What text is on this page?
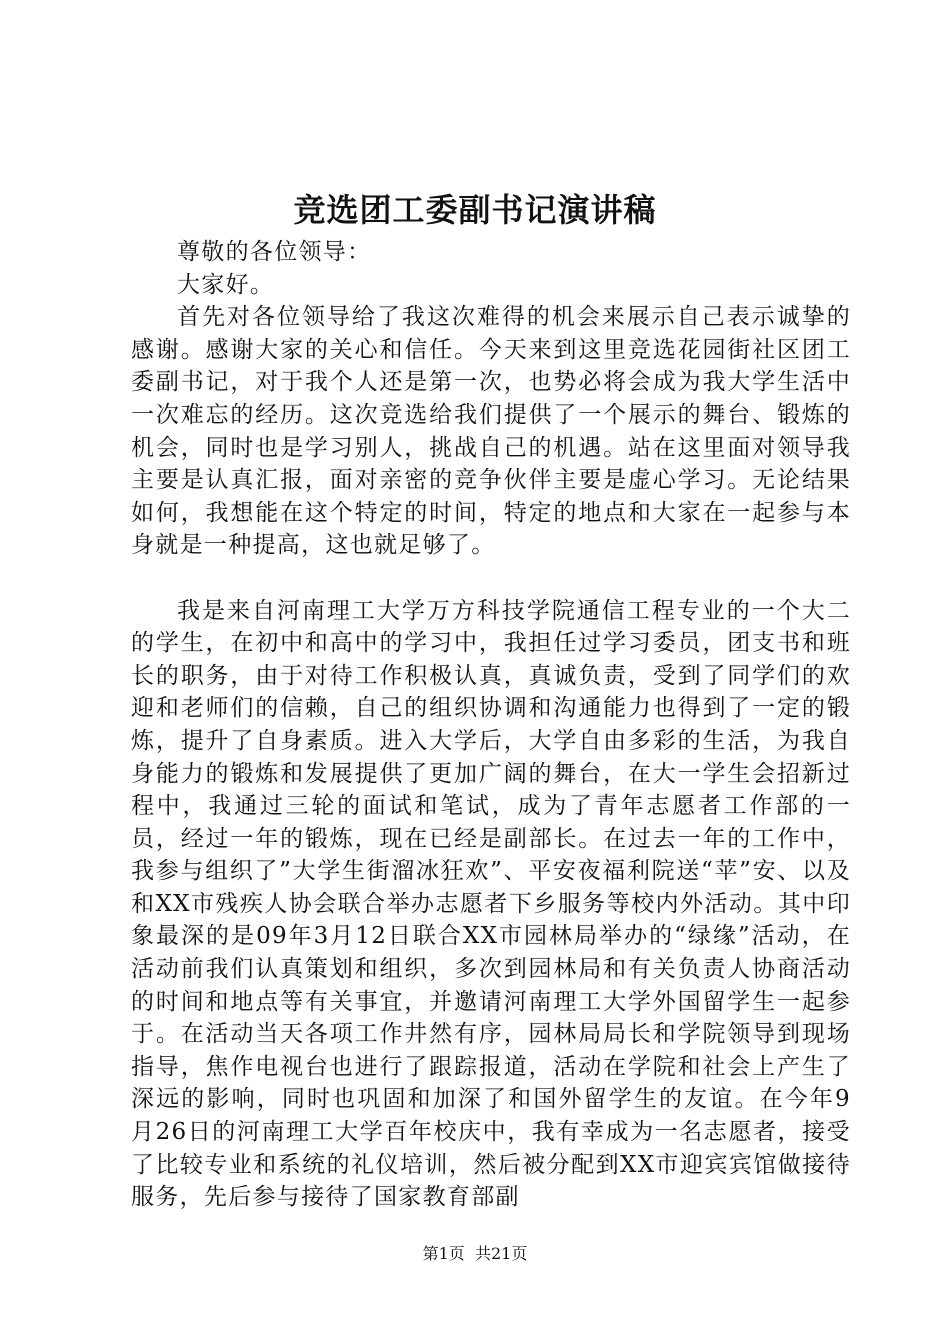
竞选团工委副书记演讲稿

尊敬的各位领导：

大家好。

首先对各位领导给了我这次难得的机会来展示自己表示诚挚的感谢。感谢大家的关心和信任。今天来到这里竞选花园街社区团工委副书记，对于我个人还是第一次，也势必将会成为我大学生活中一次难忘的经历。这次竞选给我们提供了一个展示的舞台、锻炼的机会，同时也是学习别人，挑战自己的机遇。站在这里面对领导我主要是认真汇报，面对亲密的竞争伙伴主要是虚心学习。无论结果如何，我想能在这个特定的时间，特定的地点和大家在一起参与本身就是一种提高，这也就足够了。

我是来自河南理工大学万方科技学院通信工程专业的一个大二的学生，在初中和高中的学习中，我担任过学习委员，团支书和班长的职务，由于对待工作积极认真，真诚负责，受到了同学们的欢迎和老师们的信赖，自己的组织协调和沟通能力也得到了一定的锻炼，提升了自身素质。进入大学后，大学自由多彩的生活，为我自身能力的锻炼和发展提供了更加广阔的舞台，在大一学生会招新过程中，我通过三轮的面试和笔试，成为了青年志愿者工作部的一员，经过一年的锻炼，现在已经是副部长。在过去一年的工作中，我参与组织了”大学生街溜冰狂欢”、平安夜福利院送“苹”安、以及和XX市残疾人协会联合举办志愿者下乡服务等校内外活动。其中印象最深的是09年3月12日联合XX市园林局举办的“绿缘”活动，在活动前我们认真策划和组织，多次到园林局和有关负责人协商活动的时间和地点等有关事宜，并邀请河南理工大学外国留学生一起参于。在活动当天各项工作井然有序，园林局局长和学院领导到现场指导，焦作电视台也进行了跟踪报道，活动在学院和社会上产生了深远的影响，同时也巩固和加深了和国外留学生的友谊。在今年9月26日的河南理工大学百年校庆中，我有幸成为一名志愿者，接受了比较专业和系统的礼仪培训，然后被分配到XX市迎宾宾馆做接待服务，先后参与接待了国家教育部副

第1页 共21页
